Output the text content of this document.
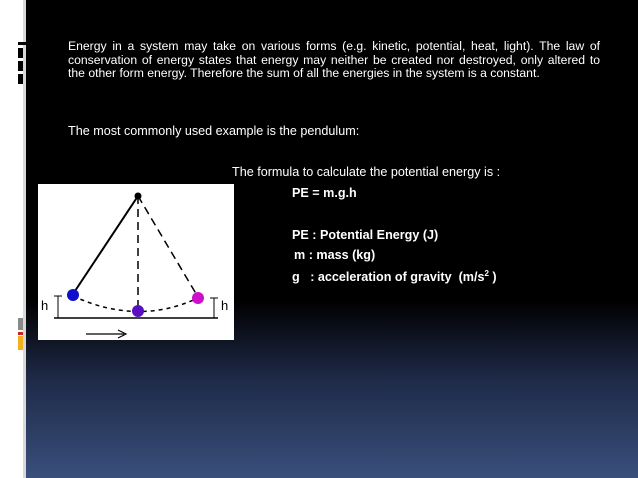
Energy in a system may take on various forms (e.g. kinetic, potential, heat, light). The law of conservation of energy states that energy may neither be created nor destroyed, only altered to the other form energy. Therefore the sum of all the energies in the system is a constant.
The most commonly used example is the pendulum:
The formula to calculate the potential energy is :
PE = m.g.h
PE : Potential Energy (J)
m : mass (kg)
g   : acceleration of gravity  ($m/s^2$ )
h	h
